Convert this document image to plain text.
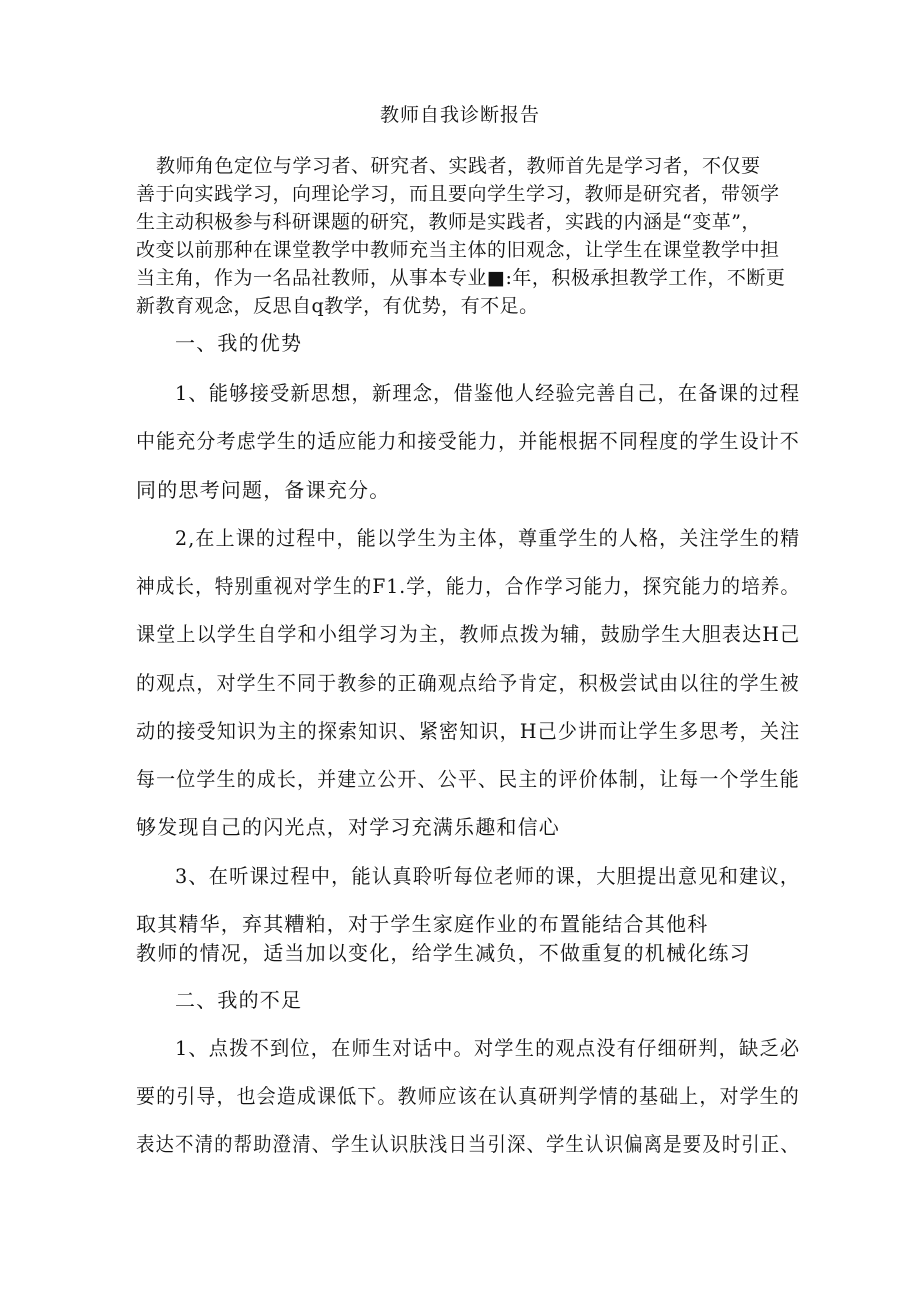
教师自我诊断报告
教师角色定位与学习者、研究者、实践者，教师首先是学习者，不仅要
善于向实践学习，向理论学习，而且要向学生学习，教师是研究者，带领学
生主动积极参与科研课题的研究，教师是实践者，实践的内涵是“变革”，
改变以前那种在课堂教学中教师充当主体的旧观念，让学生在课堂教学中担
当主角，作为一名品社教师，从事本专业■:年，积极承担教学工作，不断更
新教育观念，反思自q教学，有优势，有不足。
一、我的优势
1、能够接受新思想，新理念，借鉴他人经验完善自己，在备课的过程
中能充分考虑学生的适应能力和接受能力，并能根据不同程度的学生设计不
同的思考问题，备课充分。
2,在上课的过程中，能以学生为主体，尊重学生的人格，关注学生的精
神成长，特别重视对学生的F1.学，能力，合作学习能力，探究能力的培养。
课堂上以学生自学和小组学习为主，教师点拨为辅，鼓励学生大胆表达H己
的观点，对学生不同于教参的正确观点给予肯定，积极尝试由以往的学生被
动的接受知识为主的探索知识、紧密知识，H己少讲而让学生多思考，关注
每一位学生的成长，并建立公开、公平、民主的评价体制，让每一个学生能
够发现自己的闪光点，对学习充满乐趣和信心
3、在听课过程中，能认真聆听每位老师的课，大胆提出意见和建议，
取其精华，弃其糟粕，对于学生家庭作业的布置能结合其他科
教师的情况，适当加以变化，给学生减负，不做重复的机械化练习
二、我的不足
1、点拨不到位，在师生对话中。对学生的观点没有仔细研判，缺乏必
要的引导，也会造成课低下。教师应该在认真研判学情的基础上，对学生的
表达不清的帮助澄清、学生认识肤浅日当引深、学生认识偏离是要及时引正、
